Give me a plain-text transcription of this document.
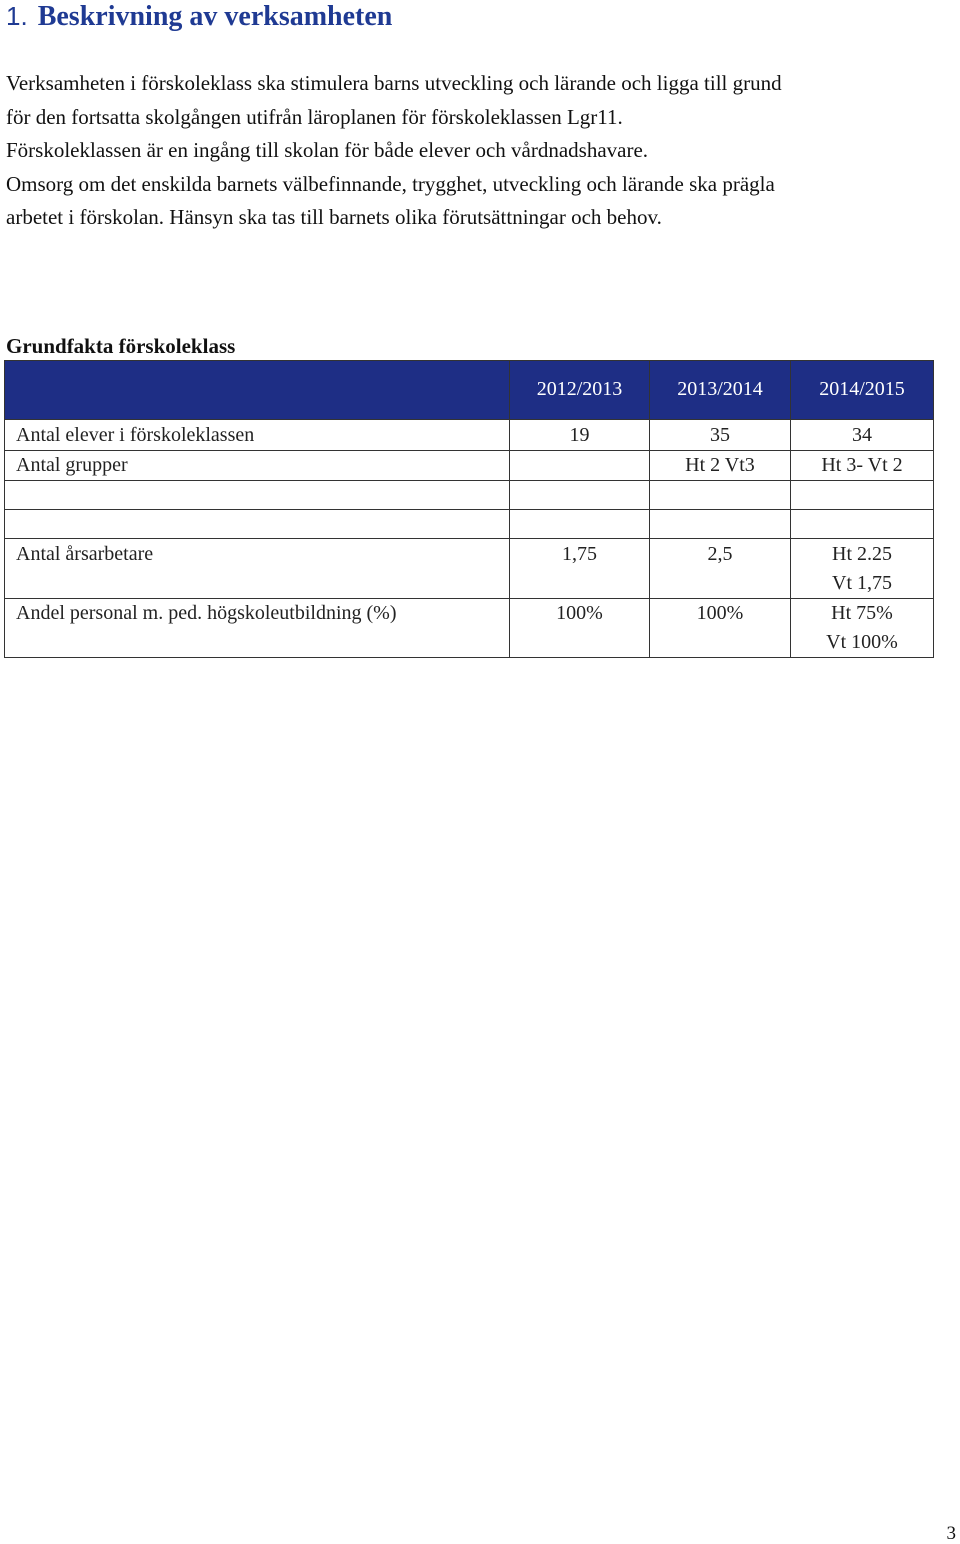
1. Beskrivning av verksamheten
Verksamheten i förskoleklass ska stimulera barns utveckling och lärande och ligga till grund
för den fortsatta skolgången utifrån läroplanen för förskoleklassen Lgr11.
Förskoleklassen är en ingång till skolan för både elever och vårdnadshavare.
Omsorg om det enskilda barnets välbefinnande, trygghet, utveckling och lärande ska prägla
arbetet i förskolan. Hänsyn ska tas till barnets olika förutsättningar och behov.
Grundfakta förskoleklass
	2012/2013	2013/2014	2014/2015
Antal elever i förskoleklassen	19	35	34
Antal grupper		Ht 2 Vt3	Ht 3- Vt 2

Antal årsarbetare	1,75	2,5	Ht 2.25
Vt 1,75

Andel personal m. ped. högskoleutbildning (%)	100%	100%	Ht 75%
Vt 100%
3
